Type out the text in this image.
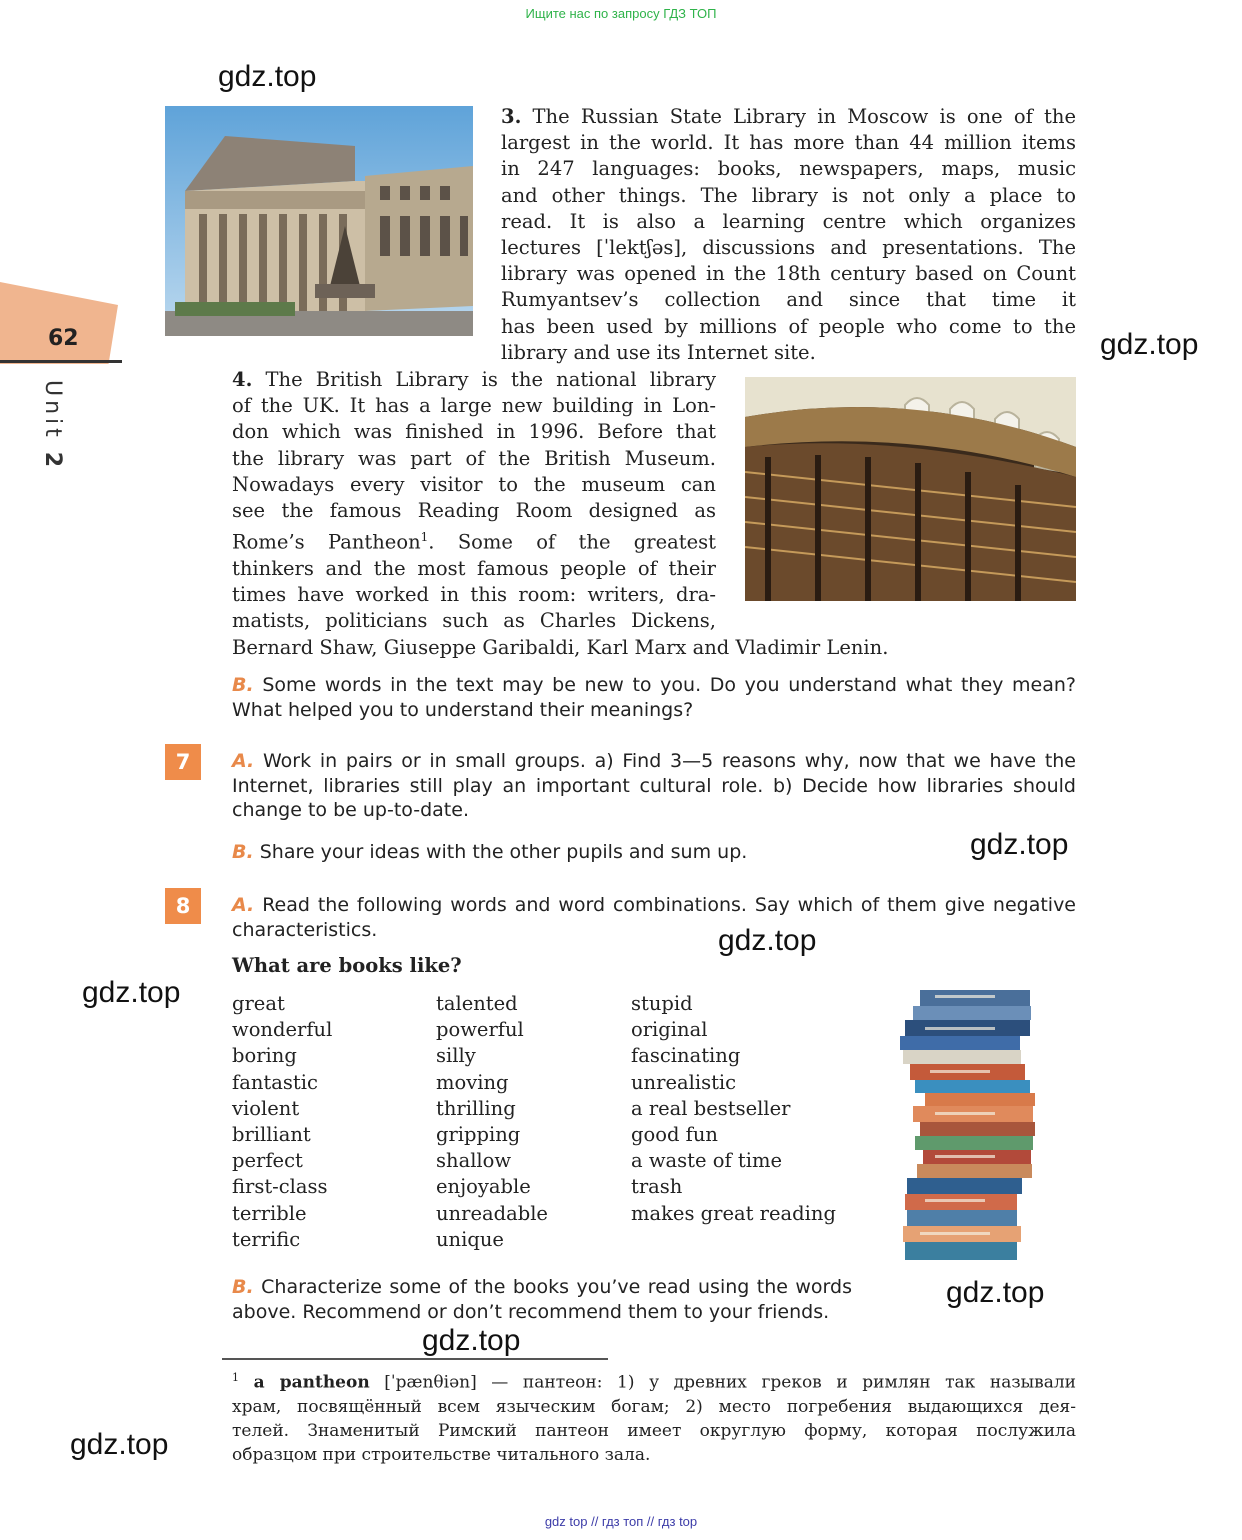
Ищите нас по запросу ГДЗ ТОП
gdz.top
gdz.top
gdz.top
gdz.top
gdz.top
gdz.top
gdz.top
gdz.top
62
Unit 2
3. The Russian State Library in Moscow is one of the
largest in the world. It has more than 44 million items
in 247 languages: books, newspapers, maps, music
and other things. The library is not only a place to
read. It is also a learning centre which organizes
lectures [ˈlektʃəs], discussions and presentations. The
library was opened in the 18th century based on Count
Rumyantsev’s collection and since that time it
has been used by millions of people who come to the
library and use its Internet site.
4. The British Library is the national library
of the UK. It has a large new building in Lon-
don which was finished in 1996. Before that
the library was part of the British Museum.
Nowadays every visitor to the museum can
see the famous Reading Room designed as
Rome’s Pantheon$^1$. Some of the greatest
thinkers and the most famous people of their
times have worked in this room: writers, dra-
matists, politicians such as Charles Dickens,
Bernard Shaw, Giuseppe Garibaldi, Karl Marx and Vladimir Lenin.
B. Some words in the text may be new to you. Do you understand what they mean?
What helped you to understand their meanings?
7	A. Work in pairs or in small groups. a) Find 3—5 reasons why, now that we have the
Internet, libraries still play an important cultural role. b) Decide how libraries should
change to be up-to-date.
B. Share your ideas with the other pupils and sum up.
8	A. Read the following words and word combinations. Say which of them give negative
characteristics.
What are books like?
great
wonderful
boring
fantastic
violent
brilliant
perfect
first-class
terrible
terrific
talented
powerful
silly
moving
thrilling
gripping
shallow
enjoyable
unreadable
unique
stupid
original
fascinating
unrealistic
a real bestseller
good fun
a waste of time
trash
makes great reading
B. Characterize some of the books you’ve read using the words
above. Recommend or don’t recommend them to your friends.
$^1$ a pantheon [ˈpænθiən] — пантеон: 1) у древних греков и римлян так называли
храм, посвящённый всем языческим богам; 2) место погребения выдающихся дея-
телей. Знаменитый Римский пантеон имеет округлую форму, которая послужила
образцом при строительстве читального зала.
gdz top // гдз топ // гдз top
